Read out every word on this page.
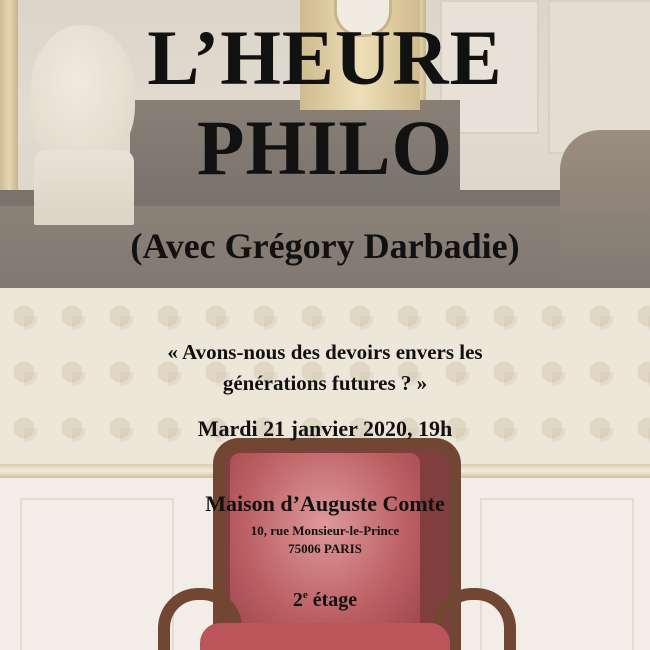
L’HEURE
PHILO
(Avec Grégory Darbadie)
« Avons-nous des devoirs envers les
générations futures ? »
Mardi 21 janvier 2020, 19h
Maison d’Auguste Comte
10, rue Monsieur-le-Prince
75006 PARIS
2e étage
